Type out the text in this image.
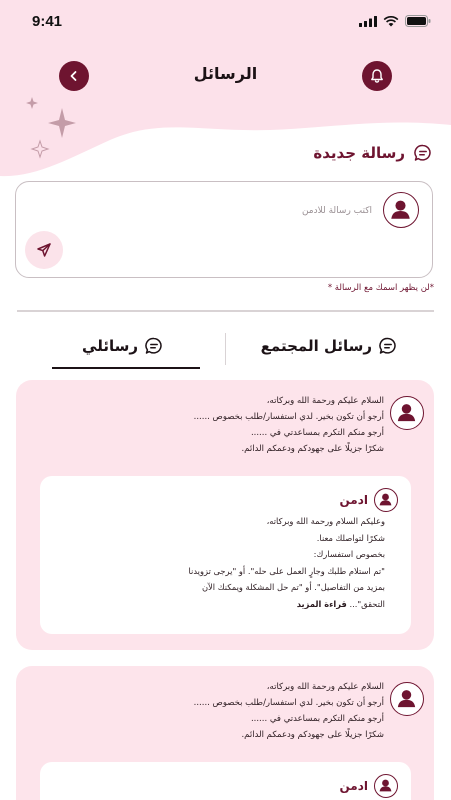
9:41
الرسائل
رسالة جديدة
اكتب رسالة للادمن
*لن يظهر اسمك مع الرسالة *
رسائل المجتمع
رسائلي
السلام عليكم ورحمة الله وبركاته،
أرجو أن تكون بخير. لدي استفسار/طلب بخصوص ......
أرجو منكم التكرم بمساعدتي في ......
شكرًا جزيلًا على جهودكم ودعمكم الدائم.
ادمن
وعليكم السلام ورحمة الله وبركاته،
شكرًا لتواصلك معنا.
بخصوص استفسارك:
"تم استلام طلبك وجارٍ العمل على حله". أو "يرجى تزويدنا
بمزيد من التفاصيل". أو "تم حل المشكلة ويمكنك الآن
التحقق"... قراءة المزيد
السلام عليكم ورحمة الله وبركاته،
أرجو أن تكون بخير. لدي استفسار/طلب بخصوص ......
أرجو منكم التكرم بمساعدتي في ......
شكرًا جزيلًا على جهودكم ودعمكم الدائم.
ادمن
